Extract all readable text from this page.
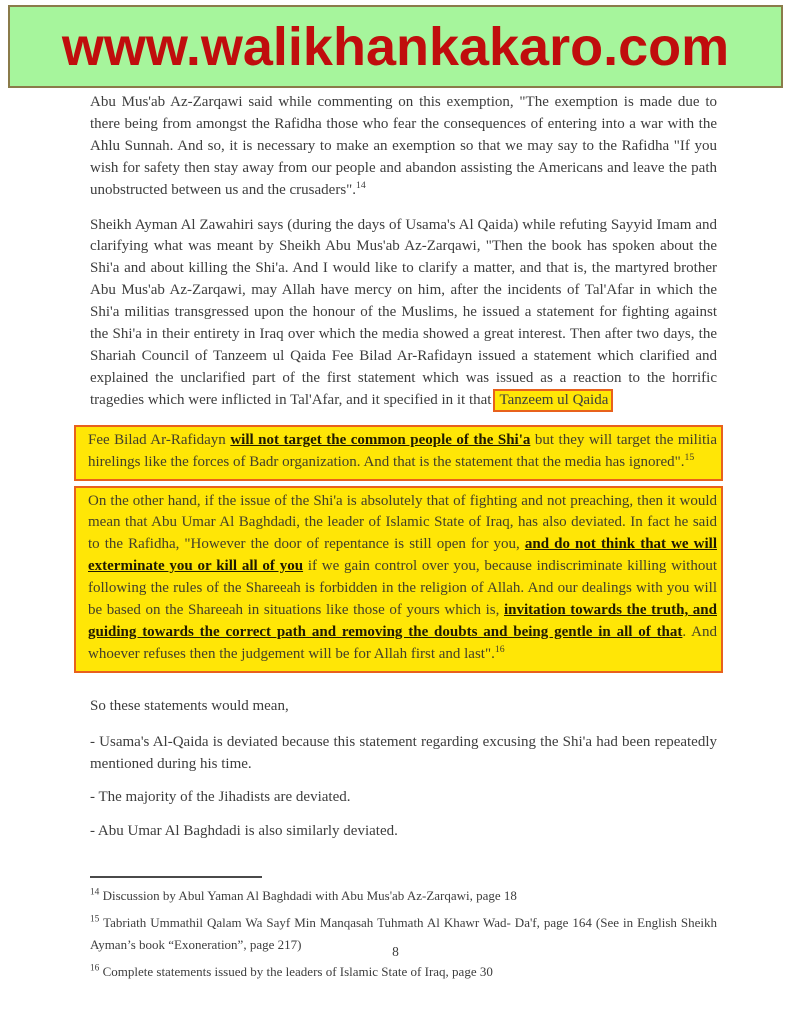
www.walikhankakaro.com

Abu Mus'ab Az-Zarqawi said while commenting on this exemption, "The exemption is made due to there being from amongst the Rafidha those who fear the consequences of entering into a war with the Ahlu Sunnah. And so, it is necessary to make an exemption so that we may say to the Rafidha "If you wish for safety then stay away from our people and abandon assisting the Americans and leave the path unobstructed between us and the crusaders".$^{14}$

Sheikh Ayman Al Zawahiri says (during the days of Usama's Al Qaida) while refuting Sayyid Imam and clarifying what was meant by Sheikh Abu Mus'ab Az-Zarqawi, "Then the book has spoken about the Shi'a and about killing the Shi'a. And I would like to clarify a matter, and that is, the martyred brother Abu Mus'ab Az-Zarqawi, may Allah have mercy on him, after the incidents of Tal'Afar in which the Shi'a militias transgressed upon the honour of the Muslims, he issued a statement for fighting against the Shi'a in their entirety in Iraq over which the media showed a great interest. Then after two days, the Shariah Council of Tanzeem ul Qaida Fee Bilad Ar-Rafidayn issued a statement which clarified and explained the unclarified part of the first statement which was issued as a reaction to the horrific tragedies which were inflicted in Tal'Afar, and it specified in it that Tanzeem ul Qaida

Fee Bilad Ar-Rafidayn will not target the common people of the Shi'a but they will target the militia hirelings like the forces of Badr organization. And that is the statement that the media has ignored".$^{15}$
On the other hand, if the issue of the Shi'a is absolutely that of fighting and not preaching, then it would mean that Abu Umar Al Baghdadi, the leader of Islamic State of Iraq, has also deviated. In fact he said to the Rafidha, "However the door of repentance is still open for you, and do not think that we will exterminate you or kill all of you if we gain control over you, because indiscriminate killing without following the rules of the Shareeah is forbidden in the religion of Allah. And our dealings with you will be based on the Shareeah in situations like those of yours which is, invitation towards the truth, and guiding towards the correct path and removing the doubts and being gentle in all of that. And whoever refuses then the judgement will be for Allah first and last".$^{16}$

So these statements would mean,

- Usama's Al-Qaida is deviated because this statement regarding excusing the Shi'a had been repeatedly mentioned during his time.

- The majority of the Jihadists are deviated.

- Abu Umar Al Baghdadi is also similarly deviated.

$^{14}$ Discussion by Abul Yaman Al Baghdadi with Abu Mus'ab Az-Zarqawi, page 18

$^{15}$ Tabriath Ummathil Qalam Wa Sayf Min Manqasah Tuhmath Al Khawr Wad- Da'f, page 164 (See in English Sheikh Ayman’s book “Exoneration”, page 217)

$^{16}$ Complete statements issued by the leaders of Islamic State of Iraq, page 30

8
